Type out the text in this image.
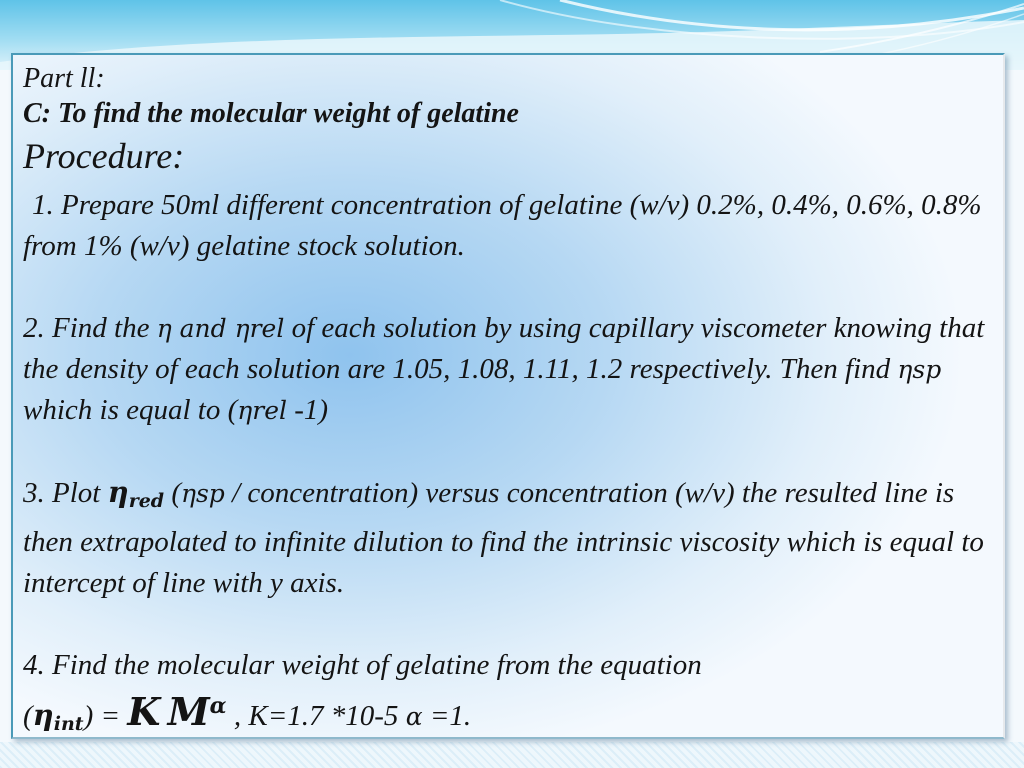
Part ll:

C: To find the molecular weight of gelatine

Procedure:

1. Prepare 50ml different concentration of gelatine (w/v) 0.2%, 0.4%, 0.6%, 0.8% from 1% (w/v) gelatine stock solution.

2. Find the η and ηrel of each solution by using capillary viscometer knowing that the density of each solution are 1.05, 1.08, 1.11, 1.2 respectively. Then find ηsp which is equal to (ηrel -1)

3. Plot $\eta_{red}$ (ηsp / concentration) versus concentration (w/v) the resulted line is then extrapolated to infinite dilution to find the intrinsic viscosity which is equal to intercept of line with y axis.

4. Find the molecular weight of gelatine from the equation
$(\eta_{int}) = K$ $M^\alpha$ , K=1.7 *10-5 α =1.
